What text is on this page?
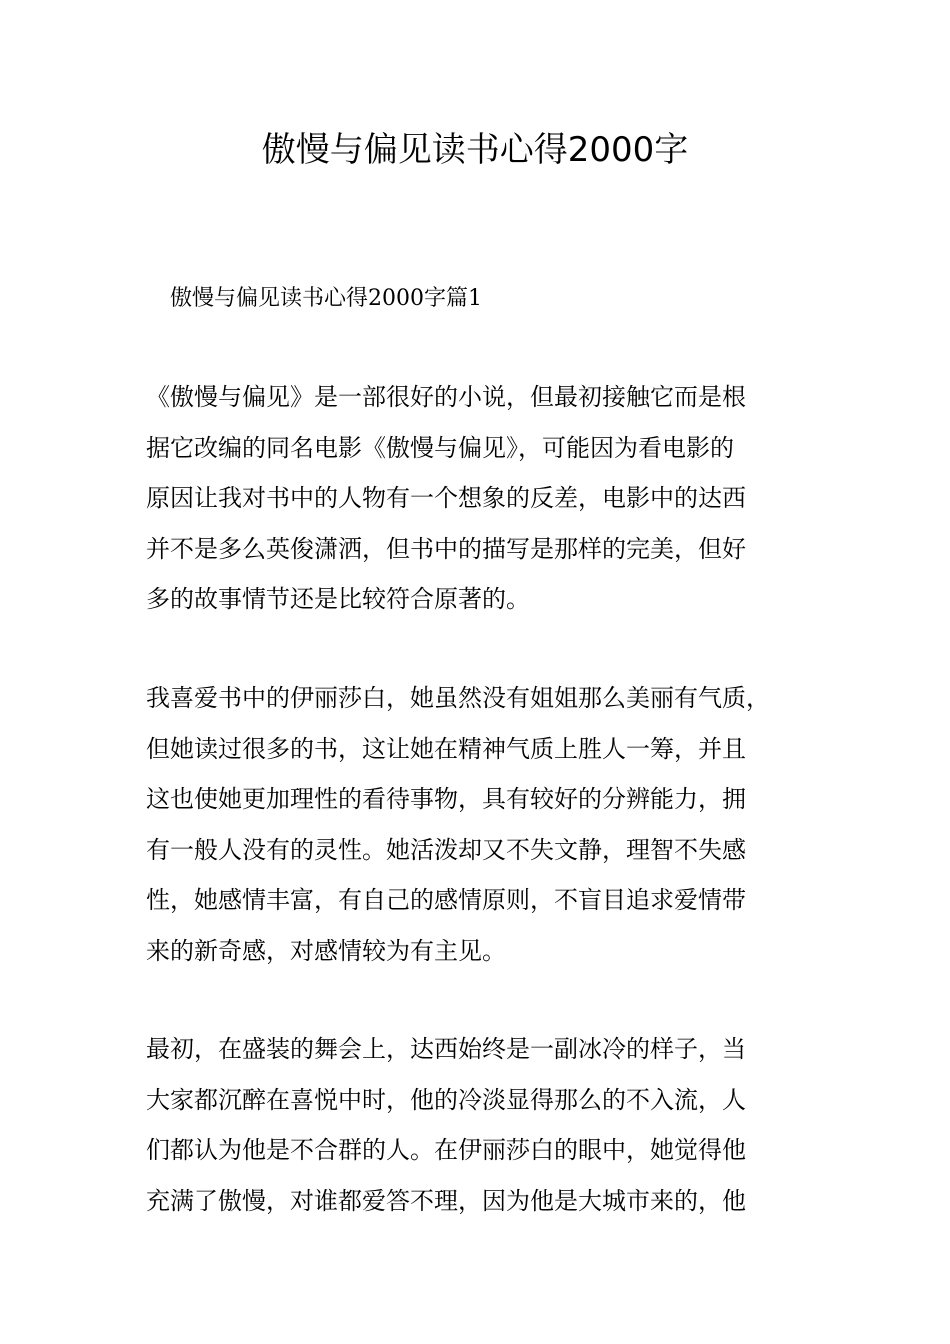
傲慢与偏见读书心得2000字
傲慢与偏见读书心得2000字篇1

《傲慢与偏见》是一部很好的小说，但最初接触它而是根
据它改编的同名电影《傲慢与偏见》，可能因为看电影的
原因让我对书中的人物有一个想象的反差，电影中的达西
并不是多么英俊潇洒，但书中的描写是那样的完美，但好
多的故事情节还是比较符合原著的。

我喜爱书中的伊丽莎白，她虽然没有姐姐那么美丽有气质，
但她读过很多的书，这让她在精神气质上胜人一筹，并且
这也使她更加理性的看待事物，具有较好的分辨能力，拥
有一般人没有的灵性。她活泼却又不失文静，理智不失感
性，她感情丰富，有自己的感情原则，不盲目追求爱情带
来的新奇感，对感情较为有主见。

最初，在盛装的舞会上，达西始终是一副冰冷的样子，当
大家都沉醉在喜悦中时，他的冷淡显得那么的不入流，人
们都认为他是不合群的人。在伊丽莎白的眼中，她觉得他
充满了傲慢，对谁都爱答不理，因为他是大城市来的，他
